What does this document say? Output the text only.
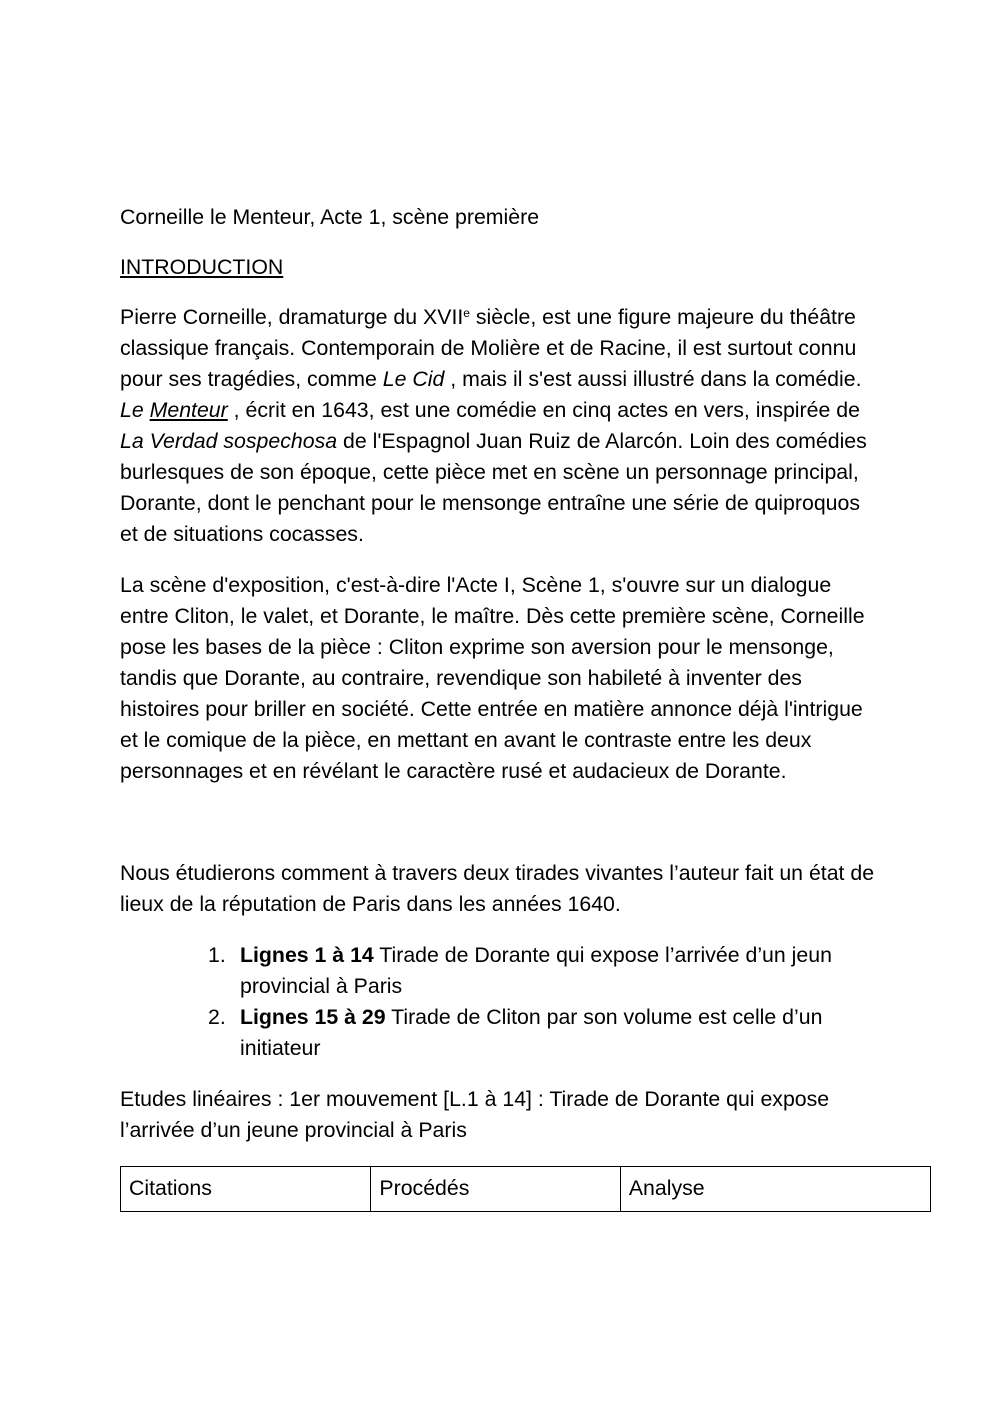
Corneille le Menteur, Acte 1, scène première

INTRODUCTION

Pierre Corneille, dramaturge du XVIIe siècle, est une figure majeure du théâtre classique français. Contemporain de Molière et de Racine, il est surtout connu pour ses tragédies, comme Le Cid , mais il s'est aussi illustré dans la comédie. Le Menteur , écrit en 1643, est une comédie en cinq actes en vers, inspirée de La Verdad sospechosa de l'Espagnol Juan Ruiz de Alarcón. Loin des comédies burlesques de son époque, cette pièce met en scène un personnage principal, Dorante, dont le penchant pour le mensonge entraîne une série de quiproquos et de situations cocasses.

La scène d'exposition, c'est-à-dire l'Acte I, Scène 1, s'ouvre sur un dialogue entre Cliton, le valet, et Dorante, le maître. Dès cette première scène, Corneille pose les bases de la pièce : Cliton exprime son aversion pour le mensonge, tandis que Dorante, au contraire, revendique son habileté à inventer des histoires pour briller en société. Cette entrée en matière annonce déjà l'intrigue et le comique de la pièce, en mettant en avant le contraste entre les deux personnages et en révélant le caractère rusé et audacieux de Dorante.

Nous étudierons comment à travers deux tirades vivantes l’auteur fait un état de lieux de la réputation de Paris dans les années 1640.

1. Lignes 1 à 14 Tirade de Dorante qui expose l’arrivée d’un jeun provincial à Paris
2. Lignes 15 à 29 Tirade de Cliton par son volume est celle d’un initiateur

Etudes linéaires : 1er mouvement [L.1 à 14] : Tirade de Dorante qui expose l’arrivée d’un jeune provincial à Paris

Citations	Procédés	Analyse
